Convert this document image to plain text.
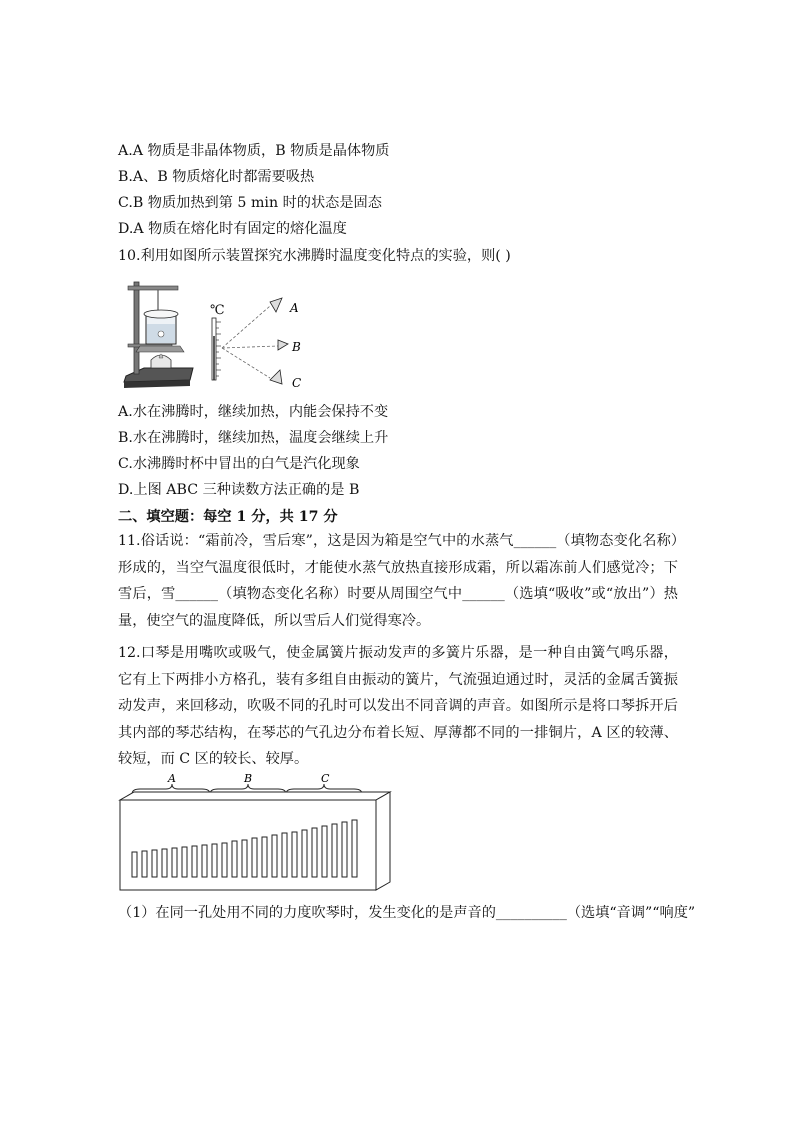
A.A 物质是非晶体物质，B 物质是晶体物质
B.A、B 物质熔化时都需要吸热
C.B 物质加热到第 5 min 时的状态是固态
D.A 物质在熔化时有固定的熔化温度
10.利用如图所示装置探究水沸腾时温度变化特点的实验，则( )
℃	A
B
C
A.水在沸腾时，继续加热，内能会保持不变
B.水在沸腾时，继续加热，温度会继续上升
C.水沸腾时杯中冒出的白气是汽化现象
D.上图 ABC 三种读数方法正确的是 B
二、填空题：每空 1 分，共 17 分
11.俗话说：“霜前冷，雪后寒”，这是因为箱是空气中的水蒸气______（填物态变化名称）形成的，当空气温度很低时，才能使水蒸气放热直接形成霜，所以霜冻前人们感觉冷；下雪后，雪______（填物态变化名称）时要从周围空气中______（选填“吸收”或“放出”）热量，使空气的温度降低，所以雪后人们觉得寒冷。
12.口琴是用嘴吹或吸气，使金属簧片振动发声的多簧片乐器，是一种自由簧气鸣乐器，它有上下两排小方格孔，装有多组自由振动的簧片，气流强迫通过时，灵活的金属舌簧振动发声，来回移动，吹吸不同的孔时可以发出不同音调的声音。如图所示是将口琴拆开后其内部的琴芯结构，在琴芯的气孔边分布着长短、厚薄都不同的一排铜片，A 区的较薄、较短，而 C 区的较长、较厚。
A	B	C
（1）在同一孔处用不同的力度吹琴时，发生变化的是声音的__________（选填“音调”“响度”
